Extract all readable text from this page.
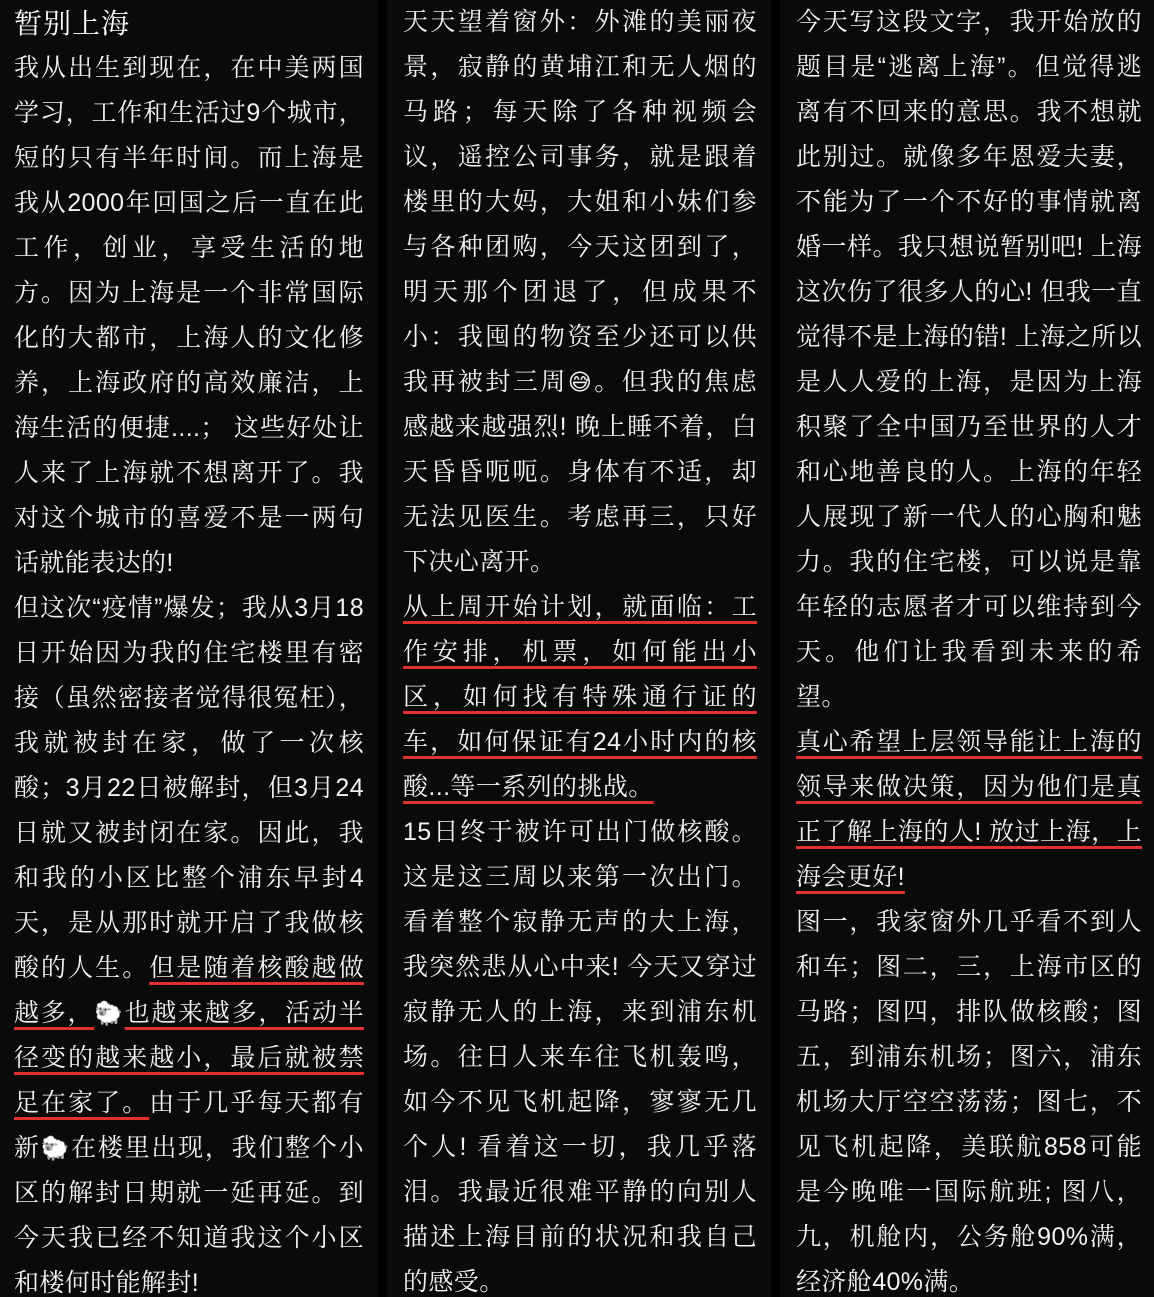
暂别上海
我从出生到现在，在中美两国学习，工作和生活过9个城市，短的只有半年时间。而上海是我从2000年回国之后一直在此工作，创业，享受生活的地方。因为上海是一个非常国际化的大都市，上海人的文化修养，上海政府的高效廉洁，上海生活的便捷....； 这些好处让人来了上海就不想离开了。我对这个城市的喜爱不是一两句话就能表达的!
但这次“疫情”爆发；我从3月18日开始因为我的住宅楼里有密接（虽然密接者觉得很冤枉），我就被封在家，做了一次核酸；3月22日被解封，但3月24日就又被封闭在家。因此，我和我的小区比整个浦东早封4天，是从那时就开启了我做核酸的人生。但是随着核酸越做越多，🐑也越来越多，活动半径变的越来越小，最后就被禁足在家了。由于几乎每天都有新🐑在楼里出现，我们整个小区的解封日期就一延再延。到今天我已经不知道我这个小区和楼何时能解封!
天天望着窗外：外滩的美丽夜景，寂静的黄埔江和无人烟的马路；每天除了各种视频会议，遥控公司事务，就是跟着楼里的大妈，大姐和小妹们参与各种团购，今天这团到了，明天那个团退了，但成果不小：我囤的物资至少还可以供我再被封三周😅。但我的焦虑感越来越强烈! 晚上睡不着，白天昏昏呃呃。身体有不适，却无法见医生。考虑再三，只好下决心离开。
从上周开始计划，就面临：工作安排，机票，如何能出小区，如何找有特殊通行证的车，如何保证有24小时内的核酸...等一系列的挑战。
15日终于被许可出门做核酸。这是这三周以来第一次出门。看着整个寂静无声的大上海，我突然悲从心中来! 今天又穿过寂静无人的上海，来到浦东机场。往日人来车往飞机轰鸣，如今不见飞机起降，寥寥无几个人! 看着这一切，我几乎落泪。我最近很难平静的向别人描述上海目前的状况和我自己的感受。
今天写这段文字，我开始放的题目是“逃离上海”。但觉得逃离有不回来的意思。我不想就此别过。就像多年恩爱夫妻，不能为了一个不好的事情就离婚一样。我只想说暂别吧! 上海这次伤了很多人的心! 但我一直觉得不是上海的错! 上海之所以是人人爱的上海，是因为上海积聚了全中国乃至世界的人才和心地善良的人。上海的年轻人展现了新一代人的心胸和魅力。我的住宅楼，可以说是靠年轻的志愿者才可以维持到今天。他们让我看到未来的希望。
真心希望上层领导能让上海的领导来做决策，因为他们是真正了解上海的人! 放过上海，上海会更好!
图一，我家窗外几乎看不到人和车；图二，三，上海市区的马路；图四，排队做核酸；图五，到浦东机场；图六，浦东机场大厅空空荡荡；图七，不见飞机起降，美联航858可能是今晚唯一国际航班; 图八，九，机舱内，公务舱90%满，经济舱40%满。
